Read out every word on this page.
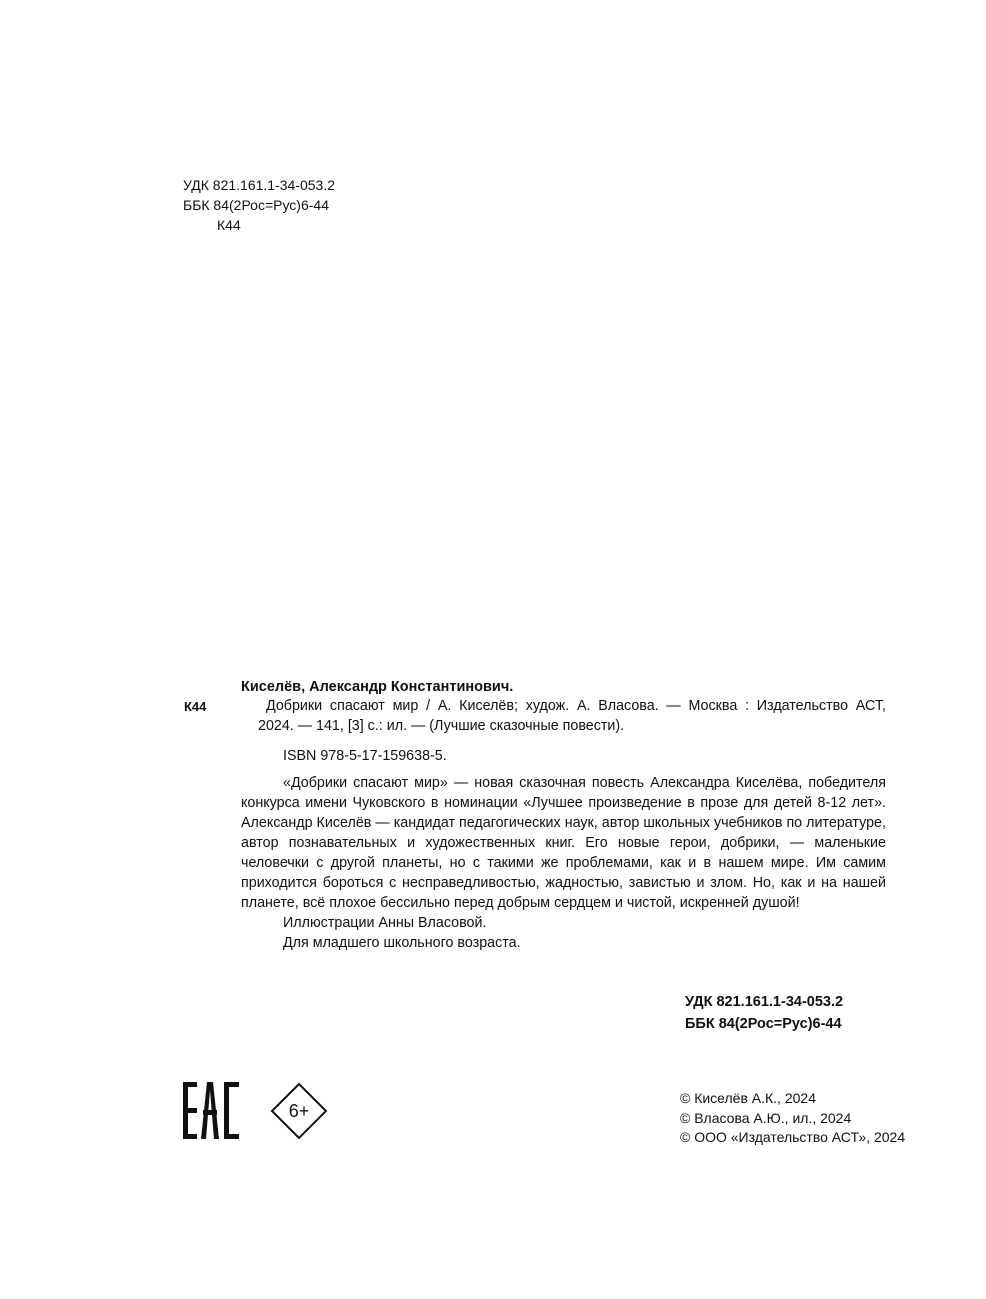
УДК 821.161.1-34-053.2
ББК 84(2Рос=Рус)6-44
К44
Киселёв, Александр Константинович.
К44	Добрики спасают мир / А. Киселёв; худож. А. Власова. — Москва : Издательство АСТ,
2024. — 141, [3] с.: ил. — (Лучшие сказочные повести).
ISBN 978-5-17-159638-5.

«Добрики спасают мир» — новая сказочная повесть Александра Киселёва, победителя конкурса имени Чуковского в номинации «Лучшее произведение в прозе для детей 8-12 лет». Александр Киселёв — кандидат педагогических наук, автор школьных учебников по литературе, автор познавательных и художественных книг. Его новые герои, добрики, — маленькие человечки с другой планеты, но с такими же проблемами, как и в нашем мире. Им самим приходится бороться с несправедливостью, жадностью, завистью и злом. Но, как и на нашей планете, всё плохое бессильно перед добрым сердцем и чистой, искренней душой!

Иллюстрации Анны Власовой.

Для младшего школьного возраста.

УДК 821.161.1-34-053.2
ББК 84(2Рос=Рус)6-44
6+
© Киселёв А.К., 2024
© Власова А.Ю., ил., 2024
© ООО «Издательство АСТ», 2024
